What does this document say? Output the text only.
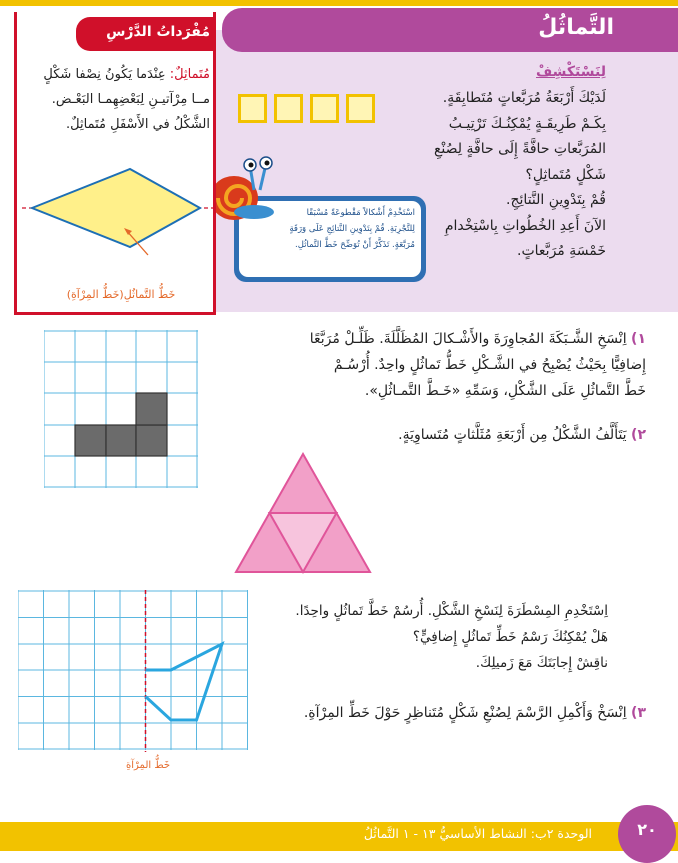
التَّماثُلُ
لِنَسْتَكْشِفْ

لَدَيْكَ أَرْبَعَةُ مُرَبَّعاتٍ مُتَطابِقَةٍ.

بِكَـمْ طَرِيقَـةٍ يُمْكِنُـكَ تَرْتِيـبُ

المُرَبَّعاتِ حافَّةً إِلَى حافَّةٍ لِصُنْعِ

شَكْلٍ مُتَماثِلٍ؟

قُمْ بِتَدْوِينِ النَّتائِجِ.

الآنَ أَعِدِ الخُطُواتِ بِاسْتِخْدامِ

خَمْسَةِ مُرَبَّعاتٍ.

اسْتَخْدِمْ أَشْكالاً مَقْطوعَةً مُسْبَقًا
لِلتَّجْرِبَةِ. قُمْ بِتَدْوِينِ النَّتائِجِ عَلَى وَرَقَةٍ
مُرَبَّعَةٍ. تَذَكَّرْ أَنْ تُوَضِّحَ خَطَّ التَّماثُلِ.
مُفْرَداتُ الدَّرْسِ
مُتَماثِلٌ: عِنْدَما يَكُونُ نِصْفا شَكْلٍ مــا مِرْآتيـنِ لِبَعْضِهِمـا البَعْـض. الشَّكْلُ في الأَسْفَلِ مُتَماثِلٌ.
خَطُّ التَّماثُلِ(خَطُّ المِرْآةِ)
١) اِنْسَخِ الشَّـبَكَةَ المُجاوِرَةَ والأَشْـكالَ المُظَلَّلَةَ. ظَلِّـلْ مُرَبَّعًا
إِضافِيًّا بِحَيْثُ يُصْبِحُ في الشَّـكْلِ خَطُّ تَماثُلٍ واحِدٌ. أُرْسُـمْ
خَطَّ التَّماثُلِ عَلَى الشَّكْلِ، وَسَمِّهِ «خَـطَّ التَّمـاثُلِ».
٢) يَتَأَلَّفُ الشَّكْلُ مِن أَرْبَعَةِ مُثَلَّثاتٍ مُتَساوِيَةٍ.
اِسْتَخْدِمِ المِسْطَرَةَ لِنَسْخِ الشَّكْلِ. أُرسُمْ خَطَّ تَماثُلٍ واحِدًا.
هَلْ يُمْكِنُكَ رَسْمُ خَطِّ تَماثُلٍ إِضافِيٍّ؟
ناقِشْ إِجابَتَكَ مَعَ زَميلِكَ.
٣) اِنْسَخْ وَأَكْمِلِ الرَّسْمَ لِصُنْعِ شَكْلٍ مُتَناظِرٍ حَوْلَ خَطِّ المِرْآةِ.
خَطُّ المِرْآةِ
٢٠
الوحدة ٢ب: النشاط الأساسيُّ ١٣ - ١ التَّماثُلُ
